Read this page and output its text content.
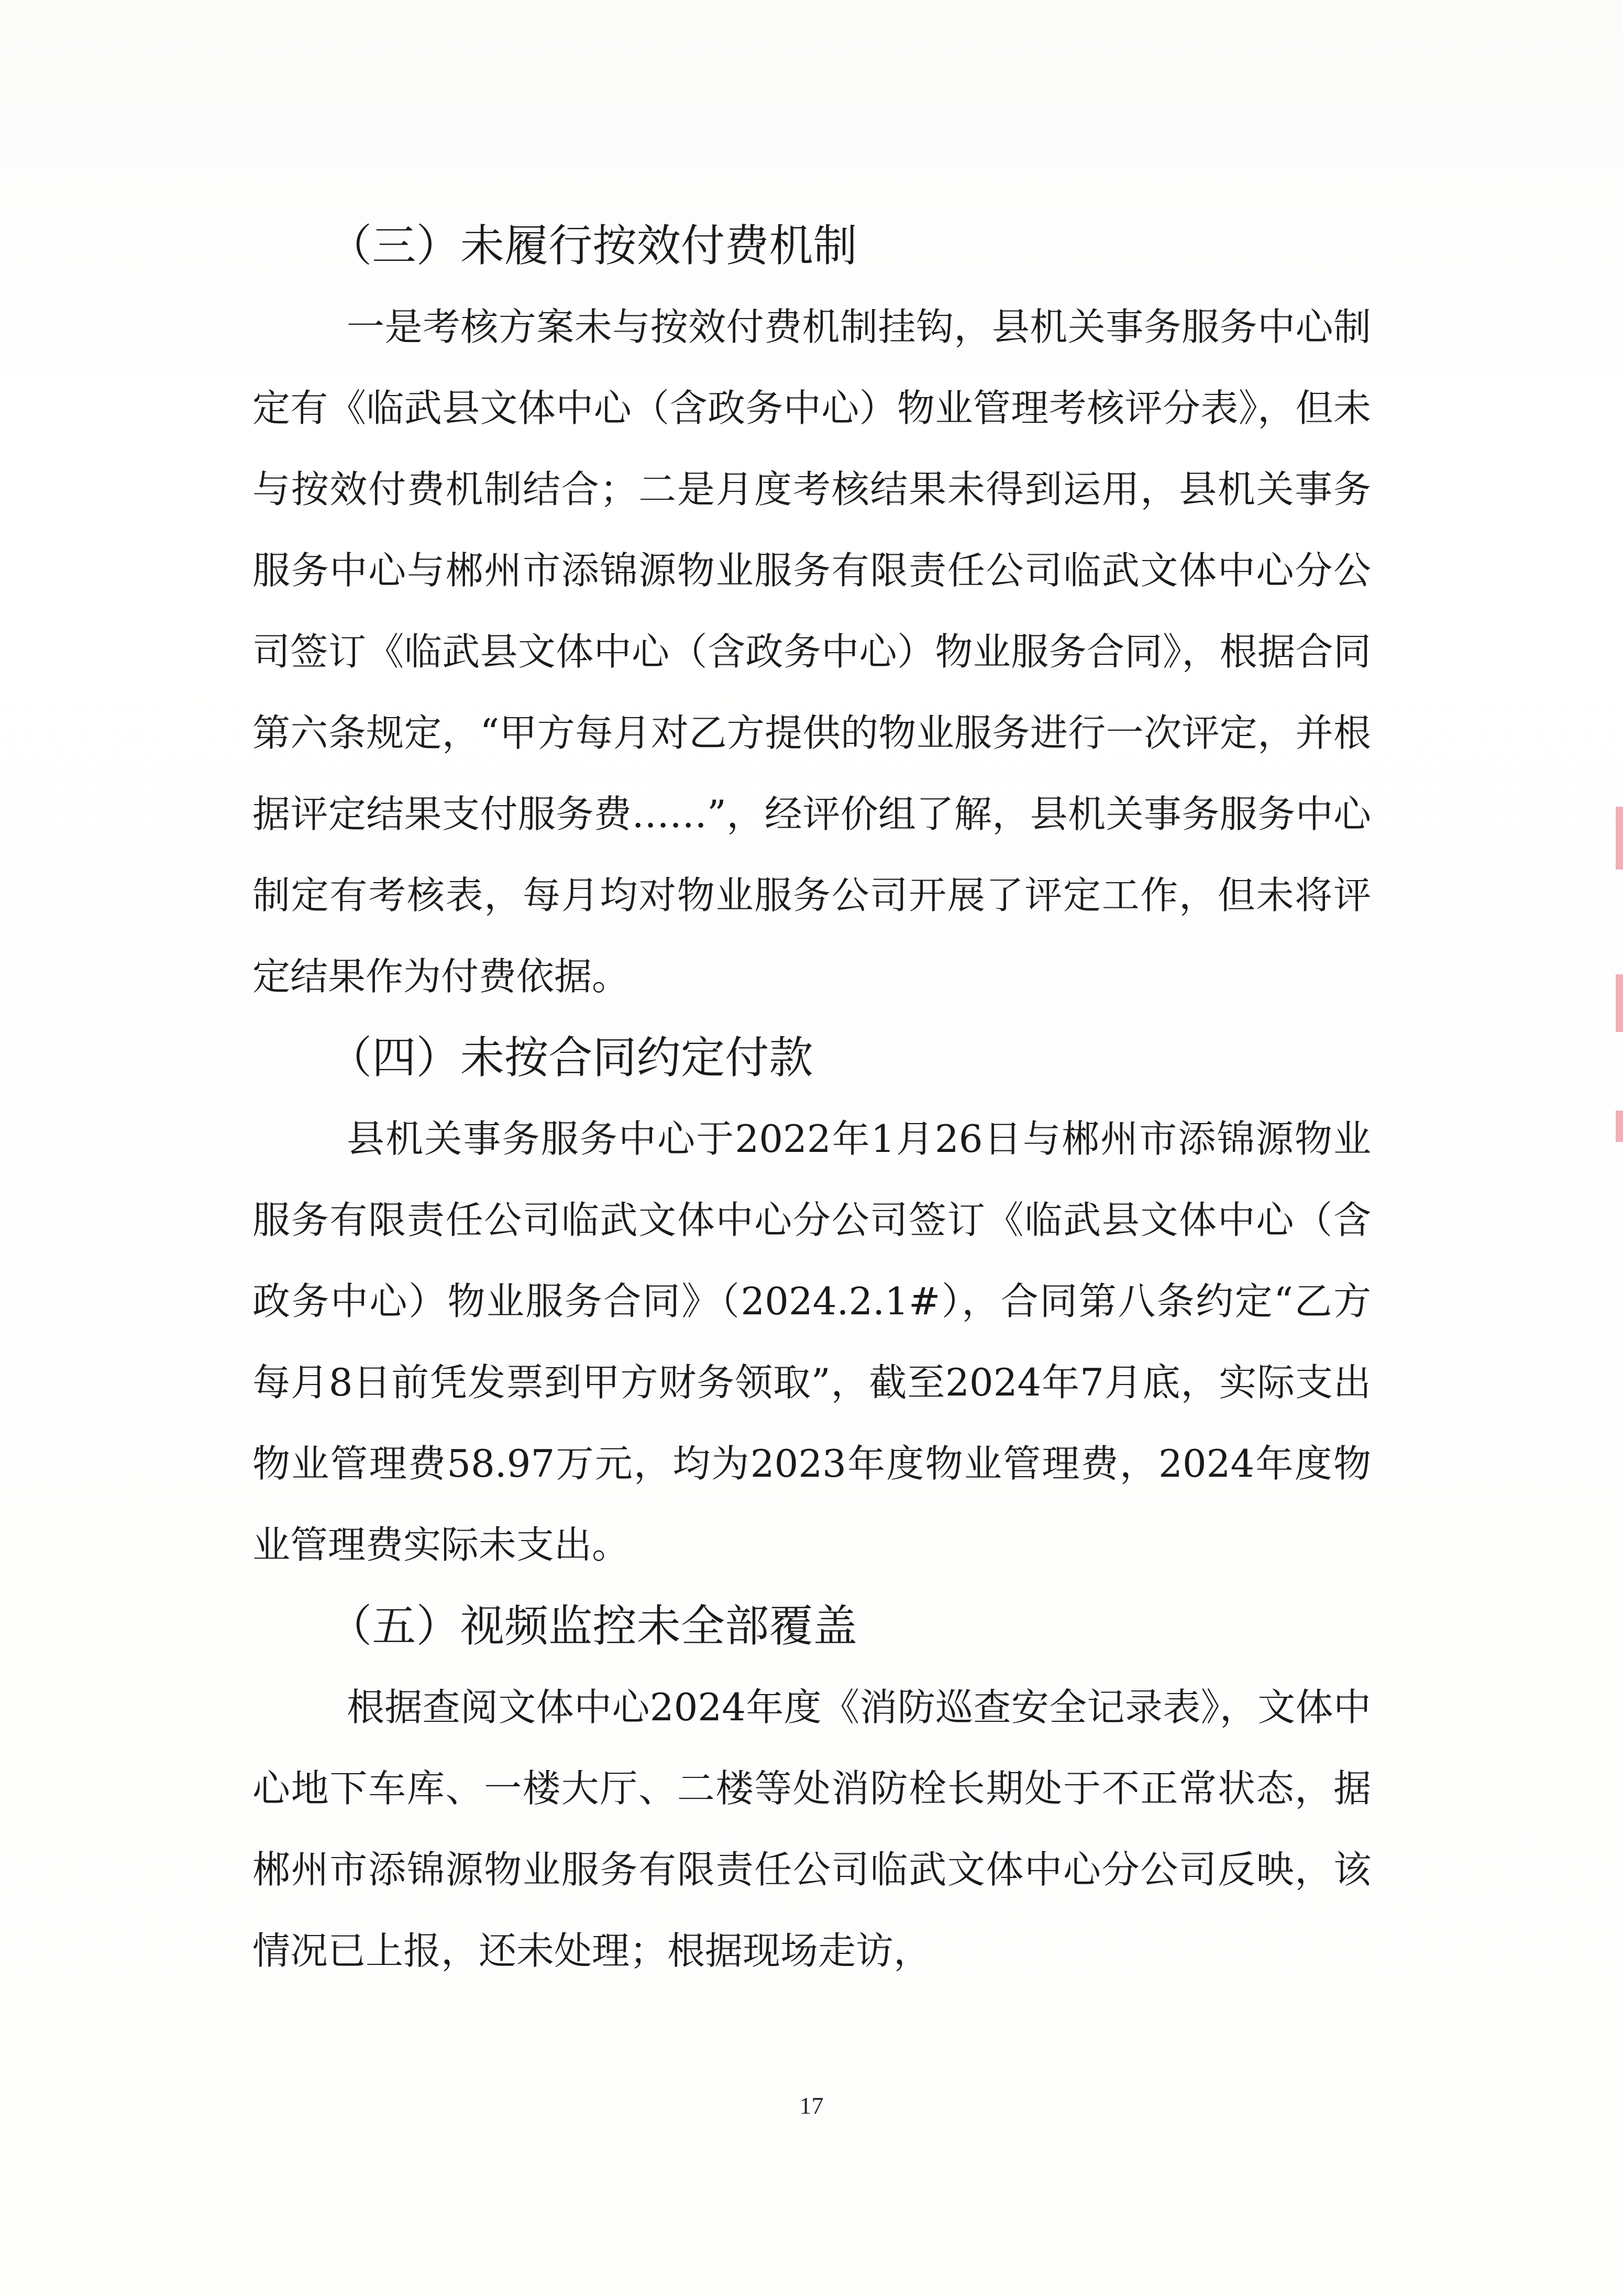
（三）未履行按效付费机制

一是考核方案未与按效付费机制挂钩，县机关事务服务中心制定有《临武县文体中心（含政务中心）物业管理考核评分表》，但未与按效付费机制结合；二是月度考核结果未得到运用，县机关事务服务中心与郴州市添锦源物业服务有限责任公司临武文体中心分公司签订《临武县文体中心（含政务中心）物业服务合同》，根据合同第六条规定，“甲方每月对乙方提供的物业服务进行一次评定，并根据评定结果支付服务费……”，经评价组了解，县机关事务服务中心制定有考核表，每月均对物业服务公司开展了评定工作，但未将评定结果作为付费依据。

（四）未按合同约定付款

县机关事务服务中心于2022年1月26日与郴州市添锦源物业服务有限责任公司临武文体中心分公司签订《临武县文体中心（含政务中心）物业服务合同》（2024.2.1#），合同第八条约定“乙方每月8日前凭发票到甲方财务领取”，截至2024年7月底，实际支出物业管理费58.97万元，均为2023年度物业管理费，2024年度物业管理费实际未支出。

（五）视频监控未全部覆盖

根据查阅文体中心2024年度《消防巡查安全记录表》，文体中心地下车库、一楼大厅、二楼等处消防栓长期处于不正常状态，据郴州市添锦源物业服务有限责任公司临武文体中心分公司反映，该情况已上报，还未处理；根据现场走访，

17
